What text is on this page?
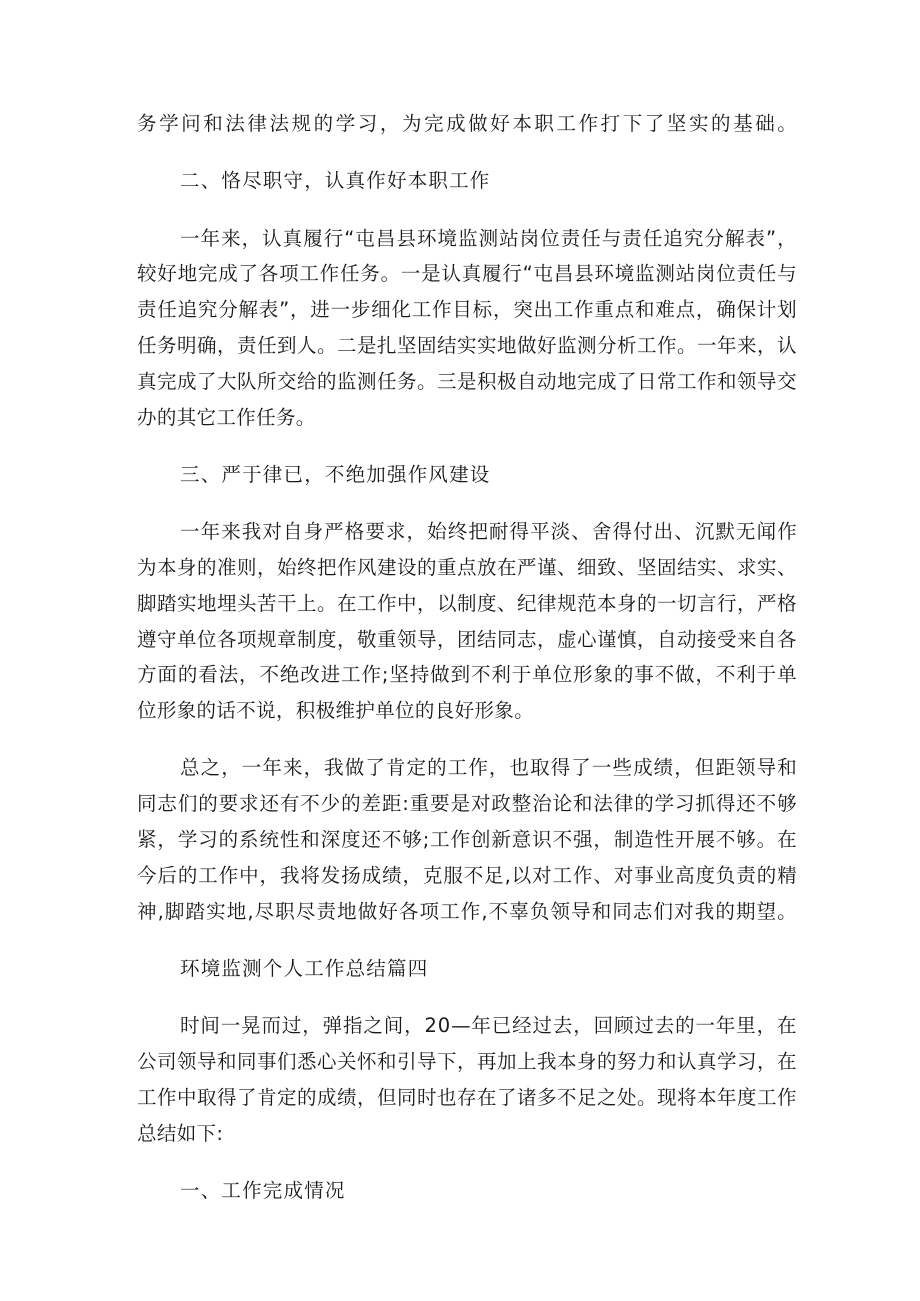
务 学 问 和 法 律 法 规 的 学 习 ， 为 完 成 做 好 本 职 工 作 打 下 了 坚 实 的 基 础 。
二、恪尽职守，认真作好本职工作
一 年 来 ， 认 真 履 行 “ 屯 昌 县 环 境 监 测 站 岗 位 责 任 与 责 任 追 究 分 解 表 ” ，
较 好 地 完 成 了 各 项 工 作 任 务 。 一 是 认 真 履 行 “ 屯 昌 县 环 境 监 测 站 岗 位 责 任 与
责 任 追 究 分 解 表 ” ， 进 一 步 细 化 工 作 目 标 ， 突 出 工 作 重 点 和 难 点 ， 确 保 计 划
任 务 明 确 ， 责 任 到 人 。 二 是 扎 坚 固 结 实 实 地 做 好 监 测 分 析 工 作 。 一 年 来 ， 认
真 完 成 了 大 队 所 交 给 的 监 测 任 务 。 三 是 积 极 自 动 地 完 成 了 日 常 工 作 和 领 导 交
办的其它工作任务。
三、严于律已，不绝加强作风建设
一 年 来 我 对 自 身 严 格 要 求 ， 始 终 把 耐 得 平 淡 、 舍 得 付 出 、 沉 默 无 闻 作
为 本 身 的 准 则 ， 始 终 把 作 风 建 设 的 重 点 放 在 严 谨 、 细 致 、 坚 固 结 实 、 求 实 、
脚 踏 实 地 埋 头 苦 干 上 。 在 工 作 中 ， 以 制 度 、 纪 律 规 范 本 身 的 一 切 言 行 ， 严 格
遵 守 单 位 各 项 规 章 制 度 ， 敬 重 领 导 ， 团 结 同 志 ， 虚 心 谨 慎 ， 自 动 接 受 来 自 各
方 面 的 看 法 ， 不 绝 改 进 工 作 ; 坚 持 做 到 不 利 于 单 位 形 象 的 事 不 做 ， 不 利 于 单
位形象的话不说，积极维护单位的良好形象。
总 之 ， 一 年 来 ， 我 做 了 肯 定 的 工 作 ， 也 取 得 了 一 些 成 绩 ， 但 距 领 导 和
同 志 们 的 要 求 还 有 不 少 的 差 距 : 重 要 是 对 政 整 治 论 和 法 律 的 学 习 抓 得 还 不 够
紧 ， 学 习 的 系 统 性 和 深 度 还 不 够 ; 工 作 创 新 意 识 不 强 ， 制 造 性 开 展 不 够 。 在
今 后 的 工 作 中 ， 我 将 发 扬 成 绩 ， 克 服 不 足 , 以 对 工 作 、 对 事 业 高 度 负 责 的 精
神 , 脚 踏 实 地 , 尽 职 尽 责 地 做 好 各 项 工 作 , 不 辜 负 领 导 和 同 志 们 对 我 的 期 望 。
环境监测个人工作总结篇四
时 间 一 晃 而 过 ， 弹 指 之 间 ， 2 0 — 年 已 经 过 去 ， 回 顾 过 去 的 一 年 里 ， 在
公 司 领 导 和 同 事 们 悉 心 关 怀 和 引 导 下 ， 再 加 上 我 本 身 的 努 力 和 认 真 学 习 ， 在
工 作 中 取 得 了 肯 定 的 成 绩 ， 但 同 时 也 存 在 了 诸 多 不 足 之 处 。 现 将 本 年 度 工 作
总结如下:
一、工作完成情况
